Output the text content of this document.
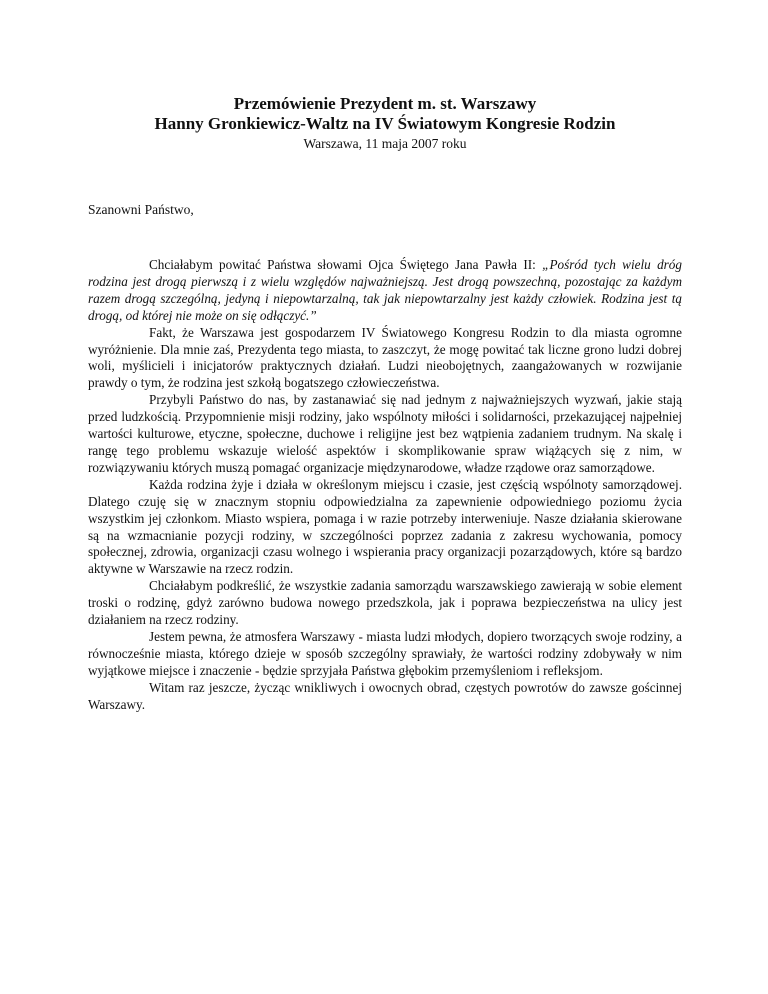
Przemówienie Prezydent m. st. Warszawy
Hanny Gronkiewicz-Waltz na IV Światowym Kongresie Rodzin
Warszawa, 11 maja 2007 roku
Szanowni Państwo,

Chciałabym powitać Państwa słowami Ojca Świętego Jana Pawła II: „Pośród tych wielu dróg rodzina jest drogą pierwszą i z wielu względów najważniejszą. Jest drogą powszechną, pozostając za każdym razem drogą szczególną, jedyną i niepowtarzalną, tak jak niepowtarzalny jest każdy człowiek. Rodzina jest tą drogą, od której nie może on się odłączyć.”

Fakt, że Warszawa jest gospodarzem IV Światowego Kongresu Rodzin to dla miasta ogromne wyróżnienie. Dla mnie zaś, Prezydenta tego miasta, to zaszczyt, że mogę powitać tak liczne grono ludzi dobrej woli, myślicieli i inicjatorów praktycznych działań. Ludzi nieobojętnych, zaangażowanych w rozwijanie prawdy o tym, że rodzina jest szkołą bogatszego człowieczeństwa.

Przybyli Państwo do nas, by zastanawiać się nad jednym z najważniejszych wyzwań, jakie stają przed ludzkością. Przypomnienie misji rodziny, jako wspólnoty miłości i solidarności, przekazującej najpełniej wartości kulturowe, etyczne, społeczne, duchowe i religijne jest bez wątpienia zadaniem trudnym. Na skalę i rangę tego problemu wskazuje wielość aspektów i skomplikowanie spraw wiążących się z nim, w rozwiązywaniu których muszą pomagać organizacje międzynarodowe, władze rządowe oraz samorządowe.

Każda rodzina żyje i działa w określonym miejscu i czasie, jest częścią wspólnoty samorządowej. Dlatego czuję się w znacznym stopniu odpowiedzialna za zapewnienie odpowiedniego poziomu życia wszystkim jej członkom. Miasto wspiera, pomaga i w razie potrzeby interweniuje. Nasze działania skierowane są na wzmacnianie pozycji rodziny, w szczególności poprzez zadania z zakresu wychowania, pomocy społecznej, zdrowia, organizacji czasu wolnego i wspierania pracy organizacji pozarządowych, które są bardzo aktywne w Warszawie na rzecz rodzin.

Chciałabym podkreślić, że wszystkie zadania samorządu warszawskiego zawierają w sobie element troski o rodzinę, gdyż zarówno budowa nowego przedszkola, jak i poprawa bezpieczeństwa na ulicy jest działaniem na rzecz rodziny.

Jestem pewna, że atmosfera Warszawy - miasta ludzi młodych, dopiero tworzących swoje rodziny, a równocześnie miasta, którego dzieje w sposób szczególny sprawiały, że wartości rodziny zdobywały w nim wyjątkowe miejsce i znaczenie - będzie sprzyjała Państwa głębokim przemyśleniom i refleksjom.

Witam raz jeszcze, życząc wnikliwych i owocnych obrad, częstych powrotów do zawsze gościnnej Warszawy.
